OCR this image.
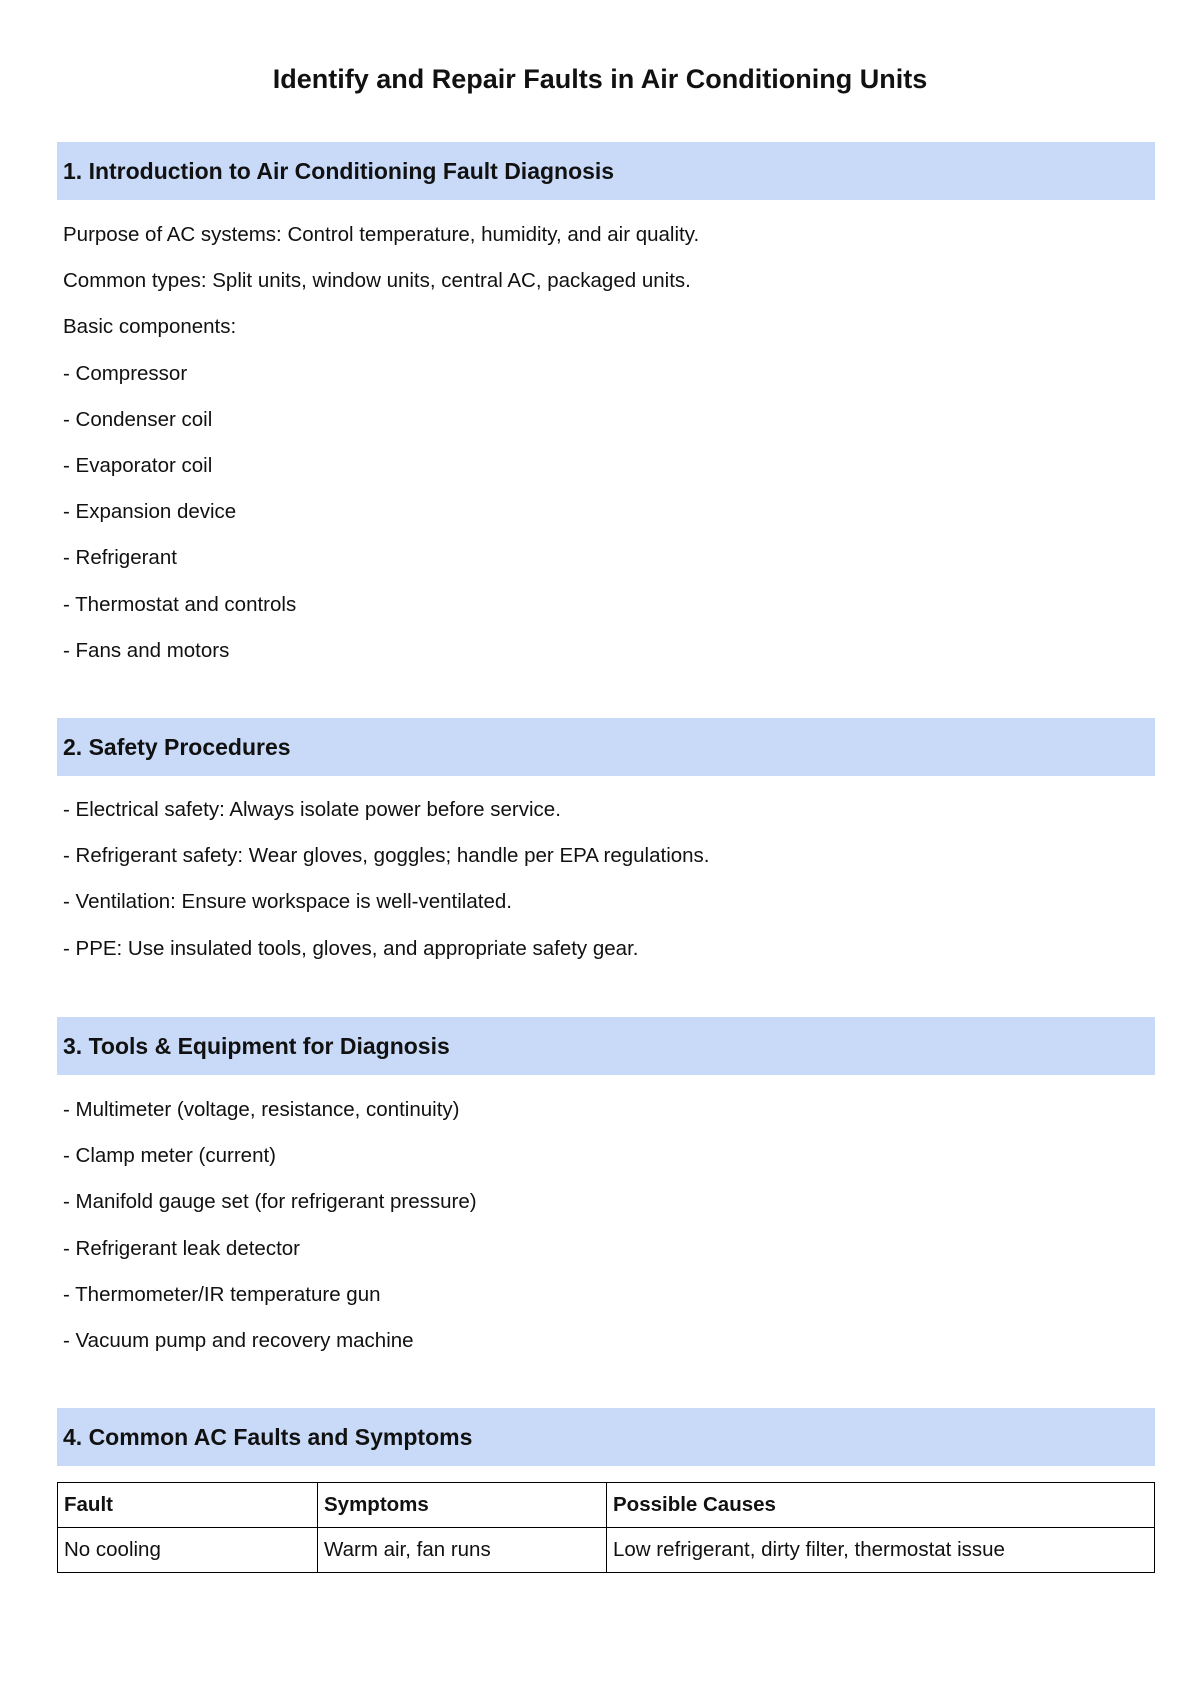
Identify and Repair Faults in Air Conditioning Units
1. Introduction to Air Conditioning Fault Diagnosis
Purpose of AC systems: Control temperature, humidity, and air quality.
Common types: Split units, window units, central AC, packaged units.
Basic components:
- Compressor
- Condenser coil
- Evaporator coil
- Expansion device
- Refrigerant
- Thermostat and controls
- Fans and motors
2. Safety Procedures
- Electrical safety: Always isolate power before service.
- Refrigerant safety: Wear gloves, goggles; handle per EPA regulations.
- Ventilation: Ensure workspace is well-ventilated.
- PPE: Use insulated tools, gloves, and appropriate safety gear.
3. Tools & Equipment for Diagnosis
- Multimeter (voltage, resistance, continuity)
- Clamp meter (current)
- Manifold gauge set (for refrigerant pressure)
- Refrigerant leak detector
- Thermometer/IR temperature gun
- Vacuum pump and recovery machine
4. Common AC Faults and Symptoms
Fault	Symptoms	Possible Causes
No cooling	Warm air, fan runs	Low refrigerant, dirty filter, thermostat issue
